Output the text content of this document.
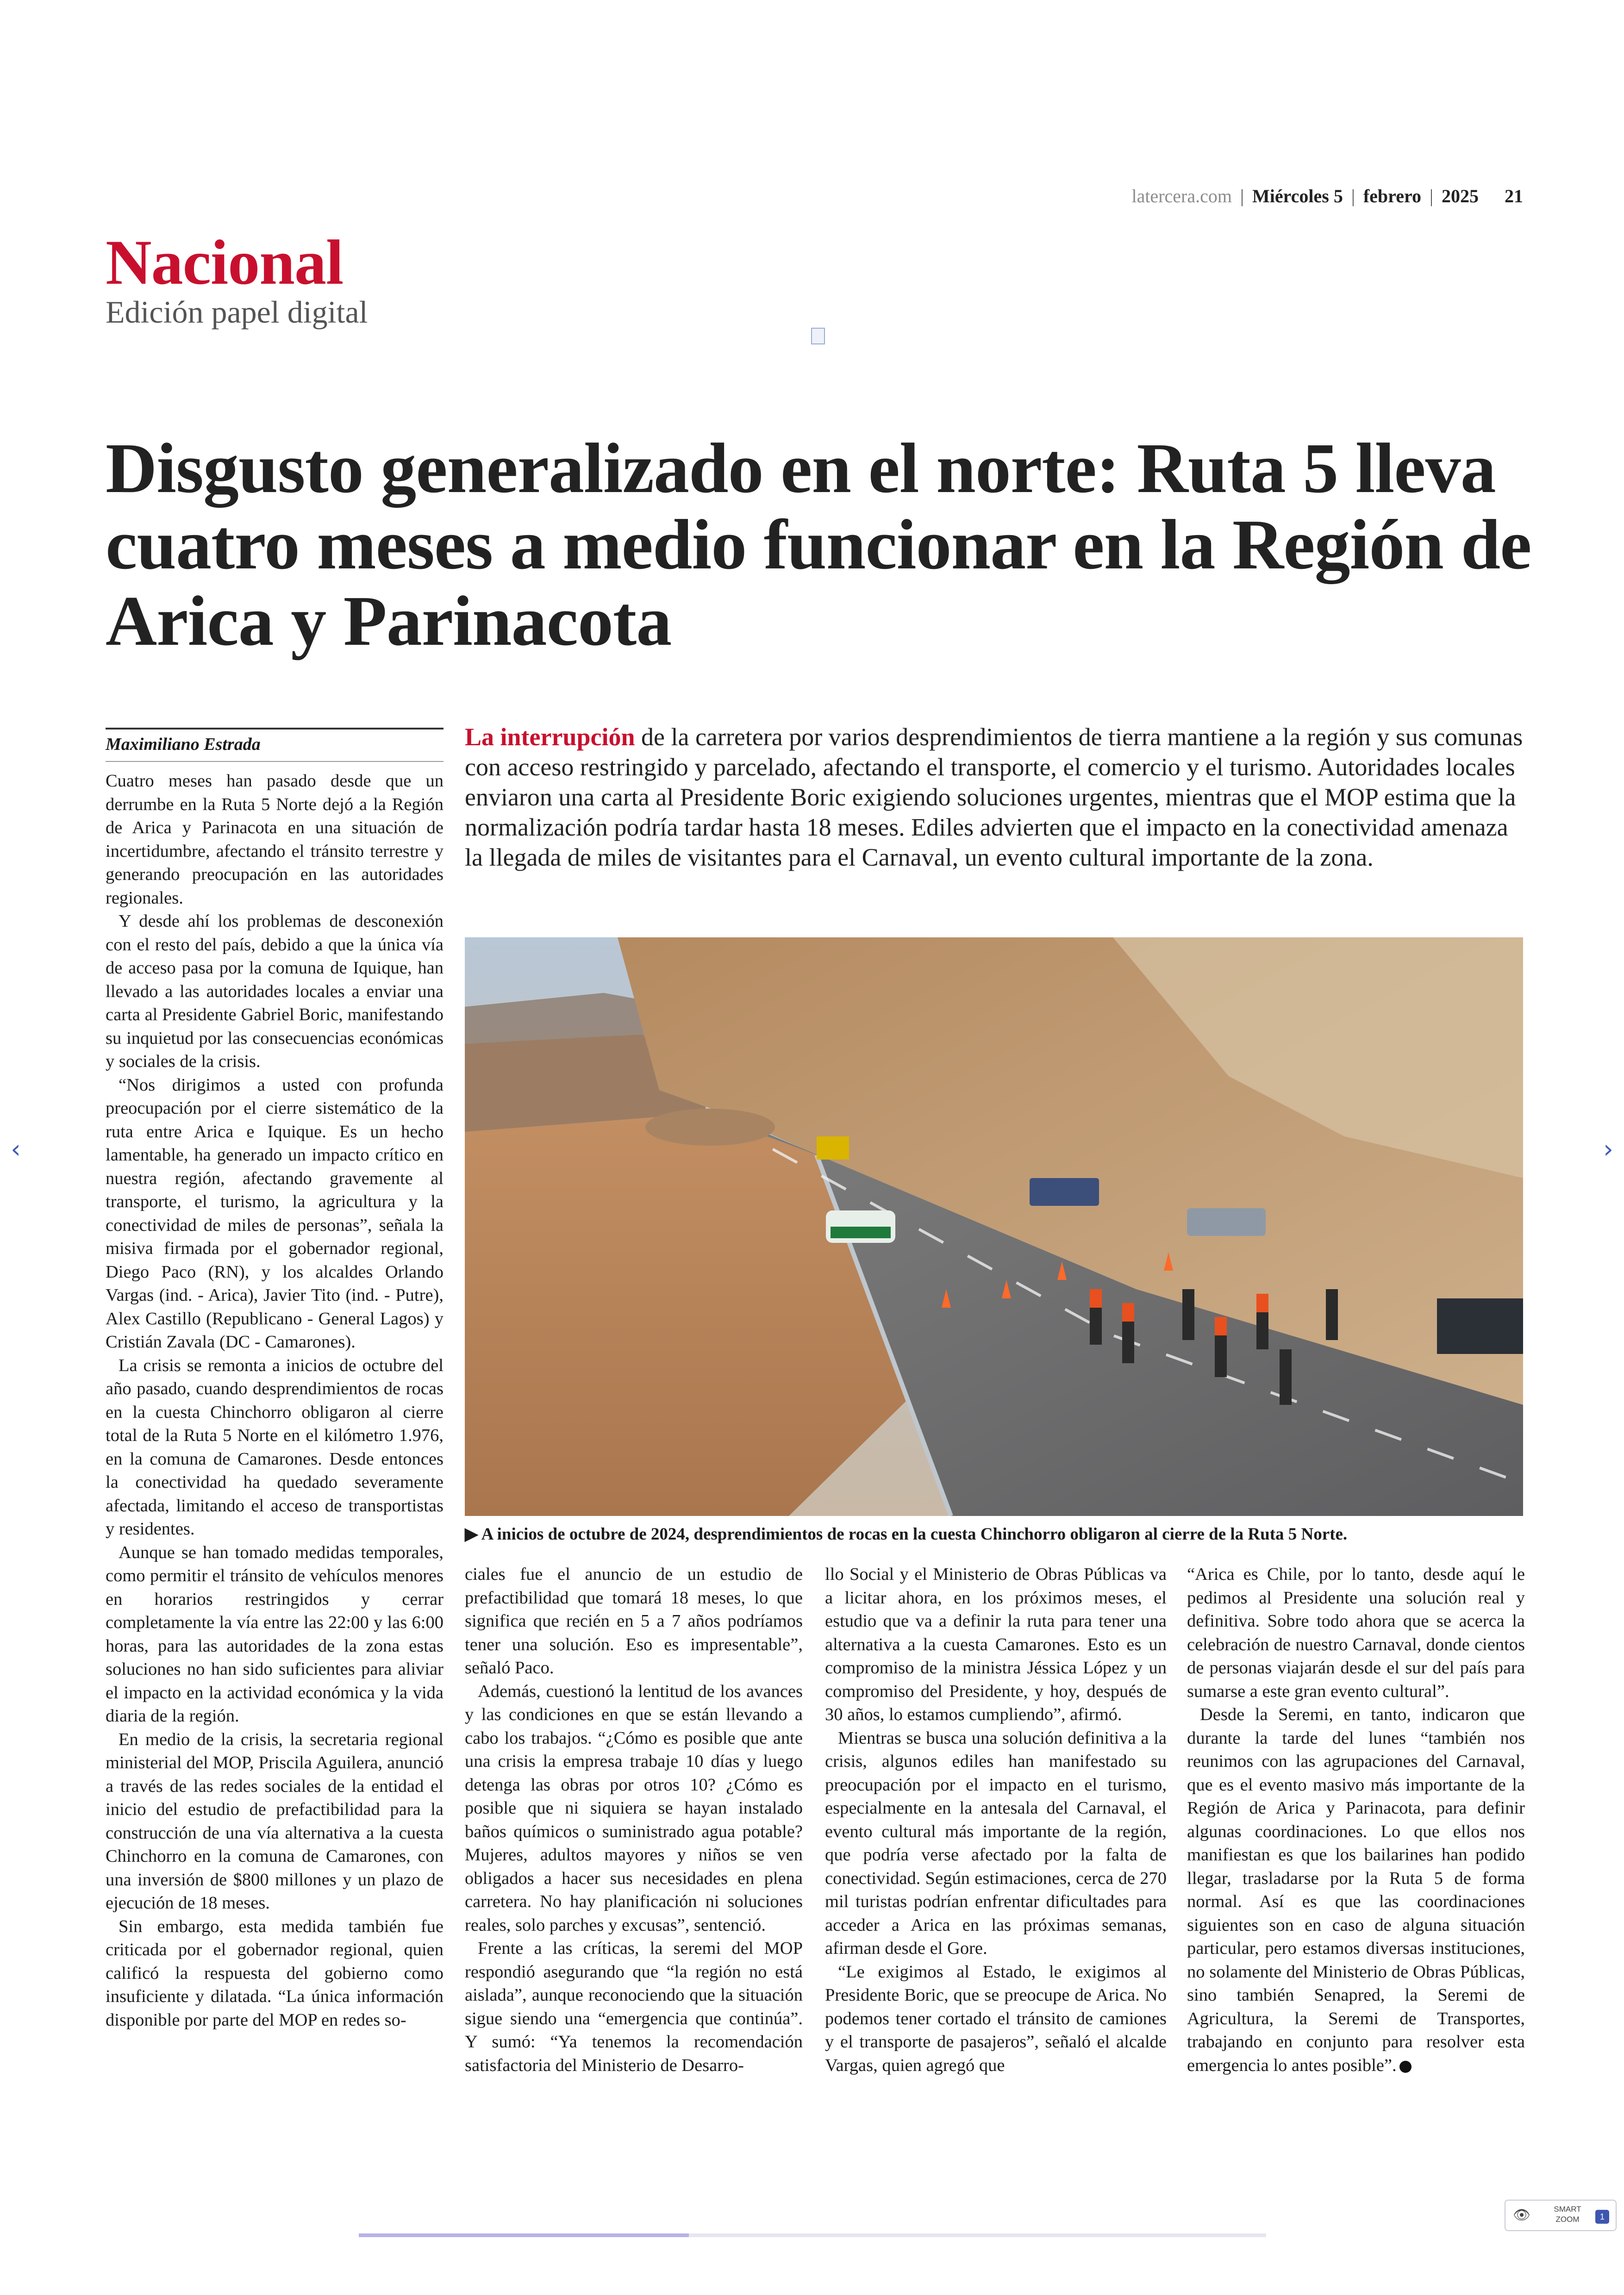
latercera.com | Miércoles 5 | febrero | 2025 21
Nacional
Edición papel digital
Disgusto generalizado en el norte: Ruta 5 lleva cuatro meses a medio funcionar en la Región de Arica y Parinacota
Maximiliano Estrada	La interrupción de la carretera por varios desprendimientos de tierra mantiene a la región y sus comunas con acceso restringido y parcelado, afectando el transporte, el comercio y el turismo. Autoridades locales enviaron una carta al Presidente Boric exigiendo soluciones urgentes, mientras que el MOP estima que la normalización podría tardar hasta 18 meses. Ediles advierten que el impacto en la conectividad amenaza la llegada de miles de visitantes para el Carnaval, un evento cultural importante de la zona.
▶ A inicios de octubre de 2024, desprendimientos de rocas en la cuesta Chinchorro obligaron al cierre de la Ruta 5 Norte.

Cuatro meses han pasado desde que un derrumbe en la Ruta 5 Norte dejó a la Región de Arica y Parinacota en una situación de incertidumbre, afectando el tránsito terrestre y generando preocupación en las autoridades regionales.

Y desde ahí los problemas de desconexión con el resto del país, debido a que la única vía de acceso pasa por la comuna de Iquique, han llevado a las autoridades locales a enviar una carta al Presidente Gabriel Boric, manifestando su inquietud por las consecuencias económicas y sociales de la crisis.

“Nos dirigimos a usted con profunda preocupación por el cierre sistemático de la ruta entre Arica e Iquique. Es un hecho lamentable, ha generado un impacto crítico en nuestra región, afectando gravemente al transporte, el turismo, la agricultura y la conectividad de miles de personas”, señala la misiva firmada por el gobernador regional, Diego Paco (RN), y los alcaldes Orlando Vargas (ind. - Arica), Javier Tito (ind. - Putre), Alex Castillo (Republicano - General Lagos) y Cristián Zavala (DC - Camarones).

La crisis se remonta a inicios de octubre del año pasado, cuando desprendimientos de rocas en la cuesta Chinchorro obligaron al cierre total de la Ruta 5 Norte en el kilómetro 1.976, en la comuna de Camarones. Desde entonces la conectividad ha quedado severamente afectada, limitando el acceso de transportistas y residentes.

Aunque se han tomado medidas temporales, como permitir el tránsito de vehículos menores en horarios restringidos y cerrar completamente la vía entre las 22:00 y las 6:00 horas, para las autoridades de la zona estas soluciones no han sido suficientes para aliviar el impacto en la actividad económica y la vida diaria de la región.

En medio de la crisis, la secretaria regional ministerial del MOP, Priscila Aguilera, anunció a través de las redes sociales de la entidad el inicio del estudio de prefactibilidad para la construcción de una vía alternativa a la cuesta Chinchorro en la comuna de Camarones, con una inversión de $800 millones y un plazo de ejecución de 18 meses.

Sin embargo, esta medida también fue criticada por el gobernador regional, quien calificó la respuesta del gobierno como insuficiente y dilatada. “La única información disponible por parte del MOP en redes so-

ciales fue el anuncio de un estudio de prefactibilidad que tomará 18 meses, lo que significa que recién en 5 a 7 años podríamos tener una solución. Eso es impresentable”, señaló Paco.

Además, cuestionó la lentitud de los avances y las condiciones en que se están llevando a cabo los trabajos. “¿Cómo es posible que ante una crisis la empresa trabaje 10 días y luego detenga las obras por otros 10? ¿Cómo es posible que ni siquiera se hayan instalado baños químicos o suministrado agua potable? Mujeres, adultos mayores y niños se ven obligados a hacer sus necesidades en plena carretera. No hay planificación ni soluciones reales, solo parches y excusas”, sentenció.

Frente a las críticas, la seremi del MOP respondió asegurando que “la región no está aislada”, aunque reconociendo que la situación sigue siendo una “emergencia que continúa”. Y sumó: “Ya tenemos la recomendación satisfactoria del Ministerio de Desarro-

llo Social y el Ministerio de Obras Públicas va a licitar ahora, en los próximos meses, el estudio que va a definir la ruta para tener una alternativa a la cuesta Camarones. Esto es un compromiso de la ministra Jéssica López y un compromiso del Presidente, y hoy, después de 30 años, lo estamos cumpliendo”, afirmó.

Mientras se busca una solución definitiva a la crisis, algunos ediles han manifestado su preocupación por el impacto en el turismo, especialmente en la antesala del Carnaval, el evento cultural más importante de la región, que podría verse afectado por la falta de conectividad. Según estimaciones, cerca de 270 mil turistas podrían enfrentar dificultades para acceder a Arica en las próximas semanas, afirman desde el Gore.

“Le exigimos al Estado, le exigimos al Presidente Boric, que se preocupe de Arica. No podemos tener cortado el tránsito de camiones y el transporte de pasajeros”, señaló el alcalde Vargas, quien agregó que

“Arica es Chile, por lo tanto, desde aquí le pedimos al Presidente una solución real y definitiva. Sobre todo ahora que se acerca la celebración de nuestro Carnaval, donde cientos de personas viajarán desde el sur del país para sumarse a este gran evento cultural”.

Desde la Seremi, en tanto, indicaron que durante la tarde del lunes “también nos reunimos con las agrupaciones del Carnaval, que es el evento masivo más importante de la Región de Arica y Parinacota, para definir algunas coordinaciones. Lo que ellos nos manifiestan es que los bailarines han podido llegar, trasladarse por la Ruta 5 de forma normal. Así es que las coordinaciones siguientes son en caso de alguna situación particular, pero estamos diversas instituciones, no solamente del Ministerio de Obras Públicas, sino también Senapred, la Seremi de Agricultura, la Seremi de Transportes, trabajando en conjunto para resolver esta emergencia lo antes posible”.

‹	›
👁	SMART ZOOM	1
